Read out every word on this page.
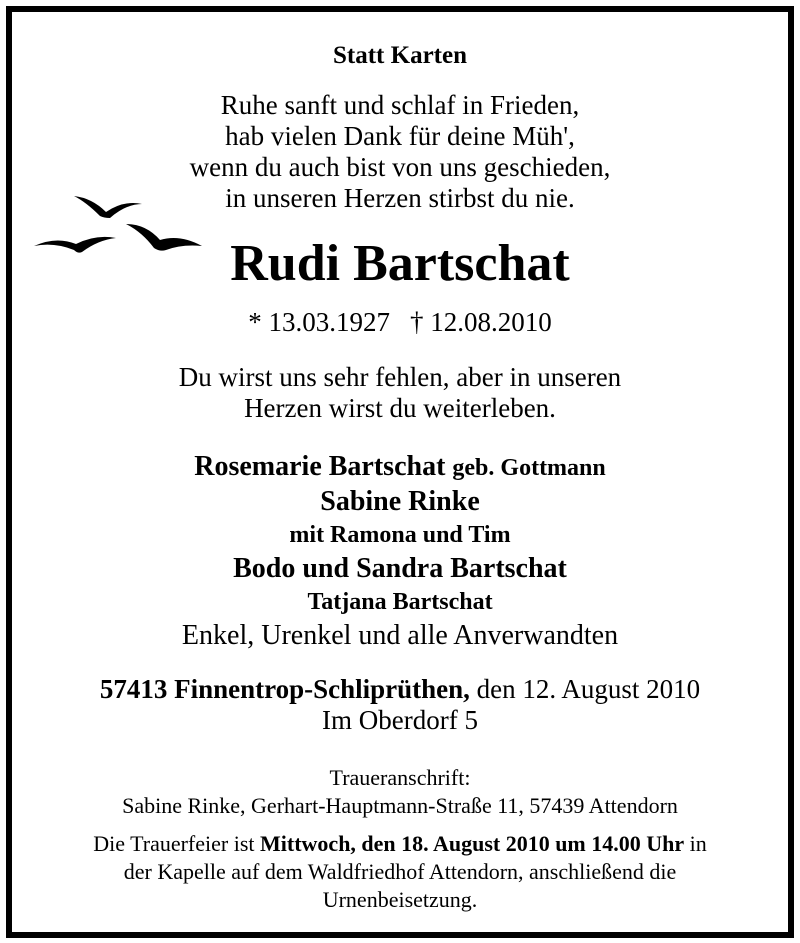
Statt Karten
Ruhe sanft und schlaf in Frieden,
hab vielen Dank für deine Müh',
wenn du auch bist von uns geschieden,
in unseren Herzen stirbst du nie.
Rudi Bartschat
* 13.03.1927 † 12.08.2010
Du wirst uns sehr fehlen, aber in unseren
Herzen wirst du weiterleben.
Rosemarie Bartschat geb. Gottmann
Sabine Rinke
mit Ramona und Tim
Bodo und Sandra Bartschat
Tatjana Bartschat
Enkel, Urenkel und alle Anverwandten
57413 Finnentrop-Schliprüthen, den 12. August 2010
Im Oberdorf 5
Traueranschrift:
Sabine Rinke, Gerhart-Hauptmann-Straße 11, 57439 Attendorn
Die Trauerfeier ist Mittwoch, den 18. August 2010 um 14.00 Uhr in
der Kapelle auf dem Waldfriedhof Attendorn, anschließend die
Urnenbeisetzung.
